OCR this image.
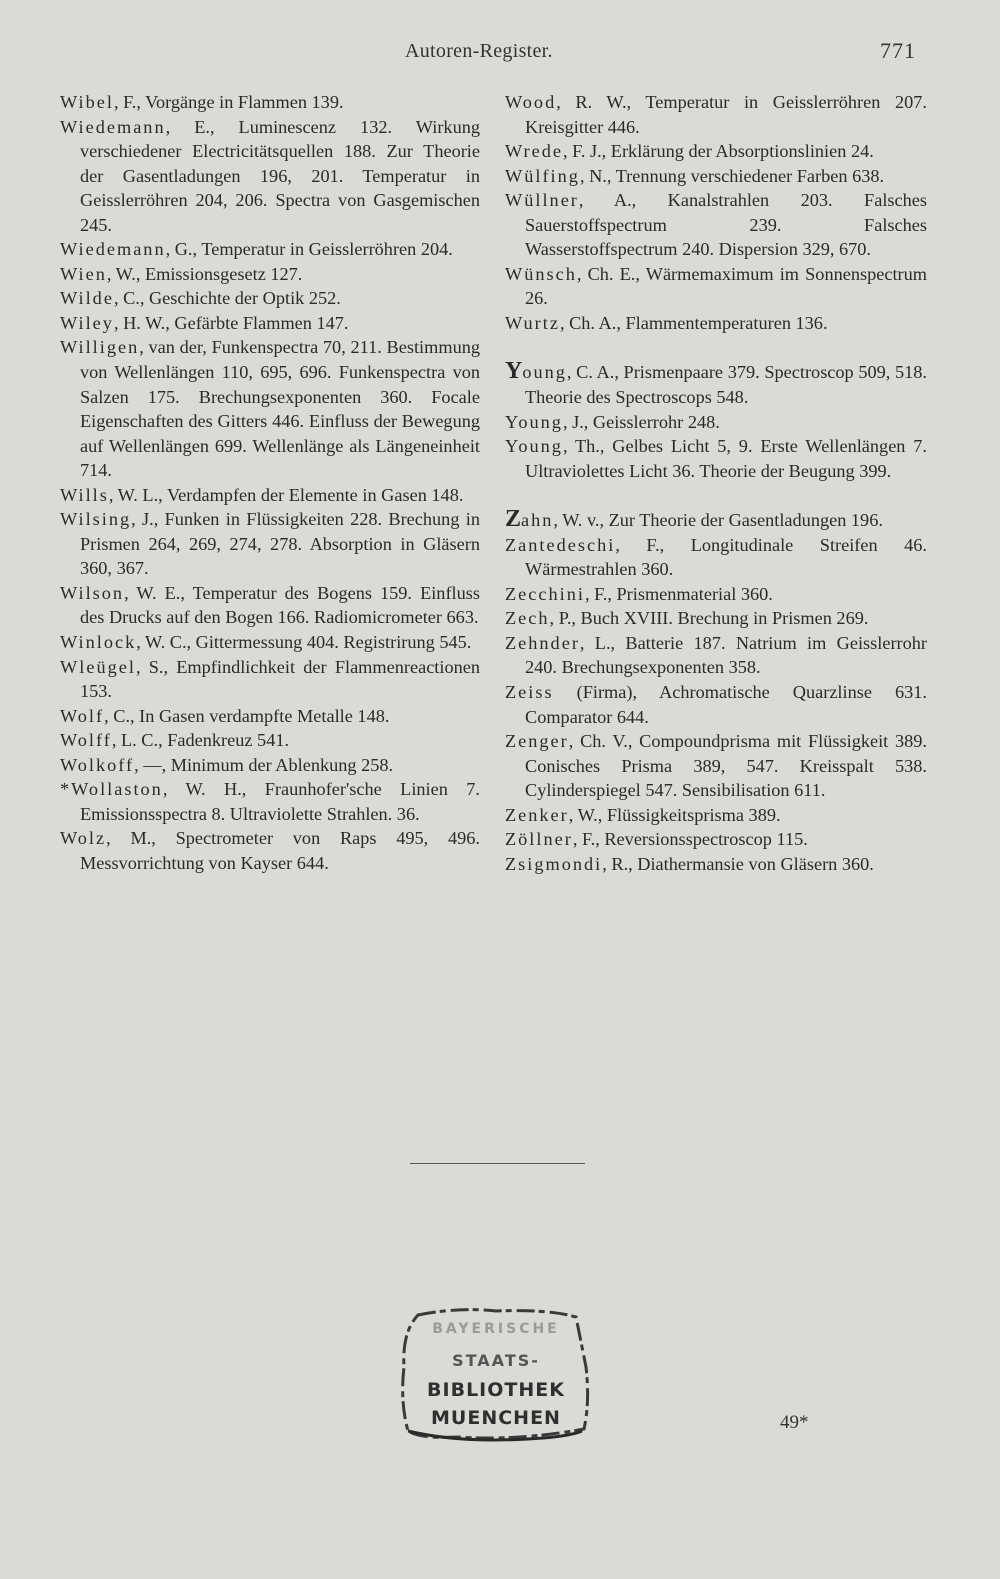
Autoren-Register.	771

Wibel, F., Vorgänge in Flammen 139.

Wiedemann, E., Luminescenz 132. Wirkung verschiedener Electricitätsquellen 188. Zur Theorie der Gasentladungen 196, 201. Temperatur in Geisslerröhren 204, 206. Spectra von Gasgemischen 245.

Wiedemann, G., Temperatur in Geisslerröhren 204.

Wien, W., Emissionsgesetz 127.

Wilde, C., Geschichte der Optik 252.

Wiley, H. W., Gefärbte Flammen 147.

Willigen, van der, Funkenspectra 70, 211. Bestimmung von Wellenlängen 110, 695, 696. Funkenspectra von Salzen 175. Brechungsexponenten 360. Focale Eigenschaften des Gitters 446. Einfluss der Bewegung auf Wellenlängen 699. Wellenlänge als Längeneinheit 714.

Wills, W. L., Verdampfen der Elemente in Gasen 148.

Wilsing, J., Funken in Flüssigkeiten 228. Brechung in Prismen 264, 269, 274, 278. Absorption in Gläsern 360, 367.

Wilson, W. E., Temperatur des Bogens 159. Einfluss des Drucks auf den Bogen 166. Radiomicrometer 663.

Winlock, W. C., Gittermessung 404. Registrirung 545.

Wleügel, S., Empfindlichkeit der Flammenreactionen 153.

Wolf, C., In Gasen verdampfte Metalle 148.

Wolff, L. C., Fadenkreuz 541.

Wolkoff, —, Minimum der Ablenkung 258.

*Wollaston, W. H., Fraunhofer'sche Linien 7. Emissionsspectra 8. Ultraviolette Strahlen. 36.

Wolz, M., Spectrometer von Raps 495, 496. Messvorrichtung von Kayser 644.

Wood, R. W., Temperatur in Geisslerröhren 207. Kreisgitter 446.

Wrede, F. J., Erklärung der Absorptionslinien 24.

Wülfing, N., Trennung verschiedener Farben 638.

Wüllner, A., Kanalstrahlen 203. Falsches Sauerstoffspectrum 239. Falsches Wasserstoffspectrum 240. Dispersion 329, 670.

Wünsch, Ch. E., Wärmemaximum im Sonnenspectrum 26.

Wurtz, Ch. A., Flammentemperaturen 136.

Young, C. A., Prismenpaare 379. Spectroscop 509, 518. Theorie des Spectroscops 548.

Young, J., Geisslerrohr 248.

Young, Th., Gelbes Licht 5, 9. Erste Wellenlängen 7. Ultraviolettes Licht 36. Theorie der Beugung 399.

Zahn, W. v., Zur Theorie der Gasentladungen 196.

Zantedeschi, F., Longitudinale Streifen 46. Wärmestrahlen 360.

Zecchini, F., Prismenmaterial 360.

Zech, P., Buch XVIII. Brechung in Prismen 269.

Zehnder, L., Batterie 187. Natrium im Geisslerrohr 240. Brechungsexponenten 358.

Zeiss (Firma), Achromatische Quarzlinse 631. Comparator 644.

Zenger, Ch. V., Compoundprisma mit Flüssigkeit 389. Conisches Prisma 389, 547. Kreisspalt 538. Cylinderspiegel 547. Sensibilisation 611.

Zenker, W., Flüssigkeitsprisma 389.

Zöllner, F., Reversionsspectroscop 115.

Zsigmondi, R., Diathermansie von Gläsern 360.

BAYERISCHE
STAATS-
BIBLIOTHEK
MUENCHEN	49*
